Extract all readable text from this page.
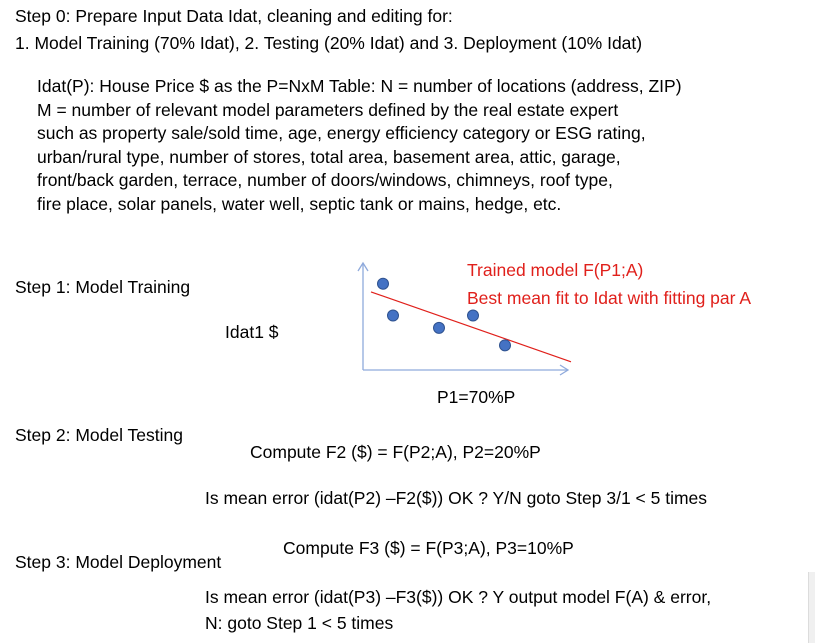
Step 0: Prepare Input Data Idat, cleaning and editing for:
1. Model Training (70% Idat), 2. Testing (20% Idat) and 3. Deployment (10% Idat)
Idat(P): House Price $ as the P=NxM Table: N = number of locations (address, ZIP)
M = number of relevant model parameters defined by the real estate expert
such as property sale/sold time, age, energy efficiency category or ESG rating,
urban/rural type, number of stores, total area, basement area, attic, garage,
front/back garden, terrace, number of doors/windows, chimneys, roof type,
fire place, solar panels, water well, septic tank or mains, hedge, etc.
Step 1: Model Training
Idat1 $
P1=70%P
Trained model F(P1;A)
Best mean fit to Idat with fitting par A
Step 2: Model Testing
Compute F2 ($) = F(P2;A), P2=20%P
Is mean error (idat(P2) –F2($)) OK ? Y/N goto Step 3/1 < 5 times
Step 3: Model Deployment
Compute F3 ($) = F(P3;A), P3=10%P
Is mean error (idat(P3) –F3($)) OK ? Y output model F(A) & error,
N: goto Step 1 < 5 times
